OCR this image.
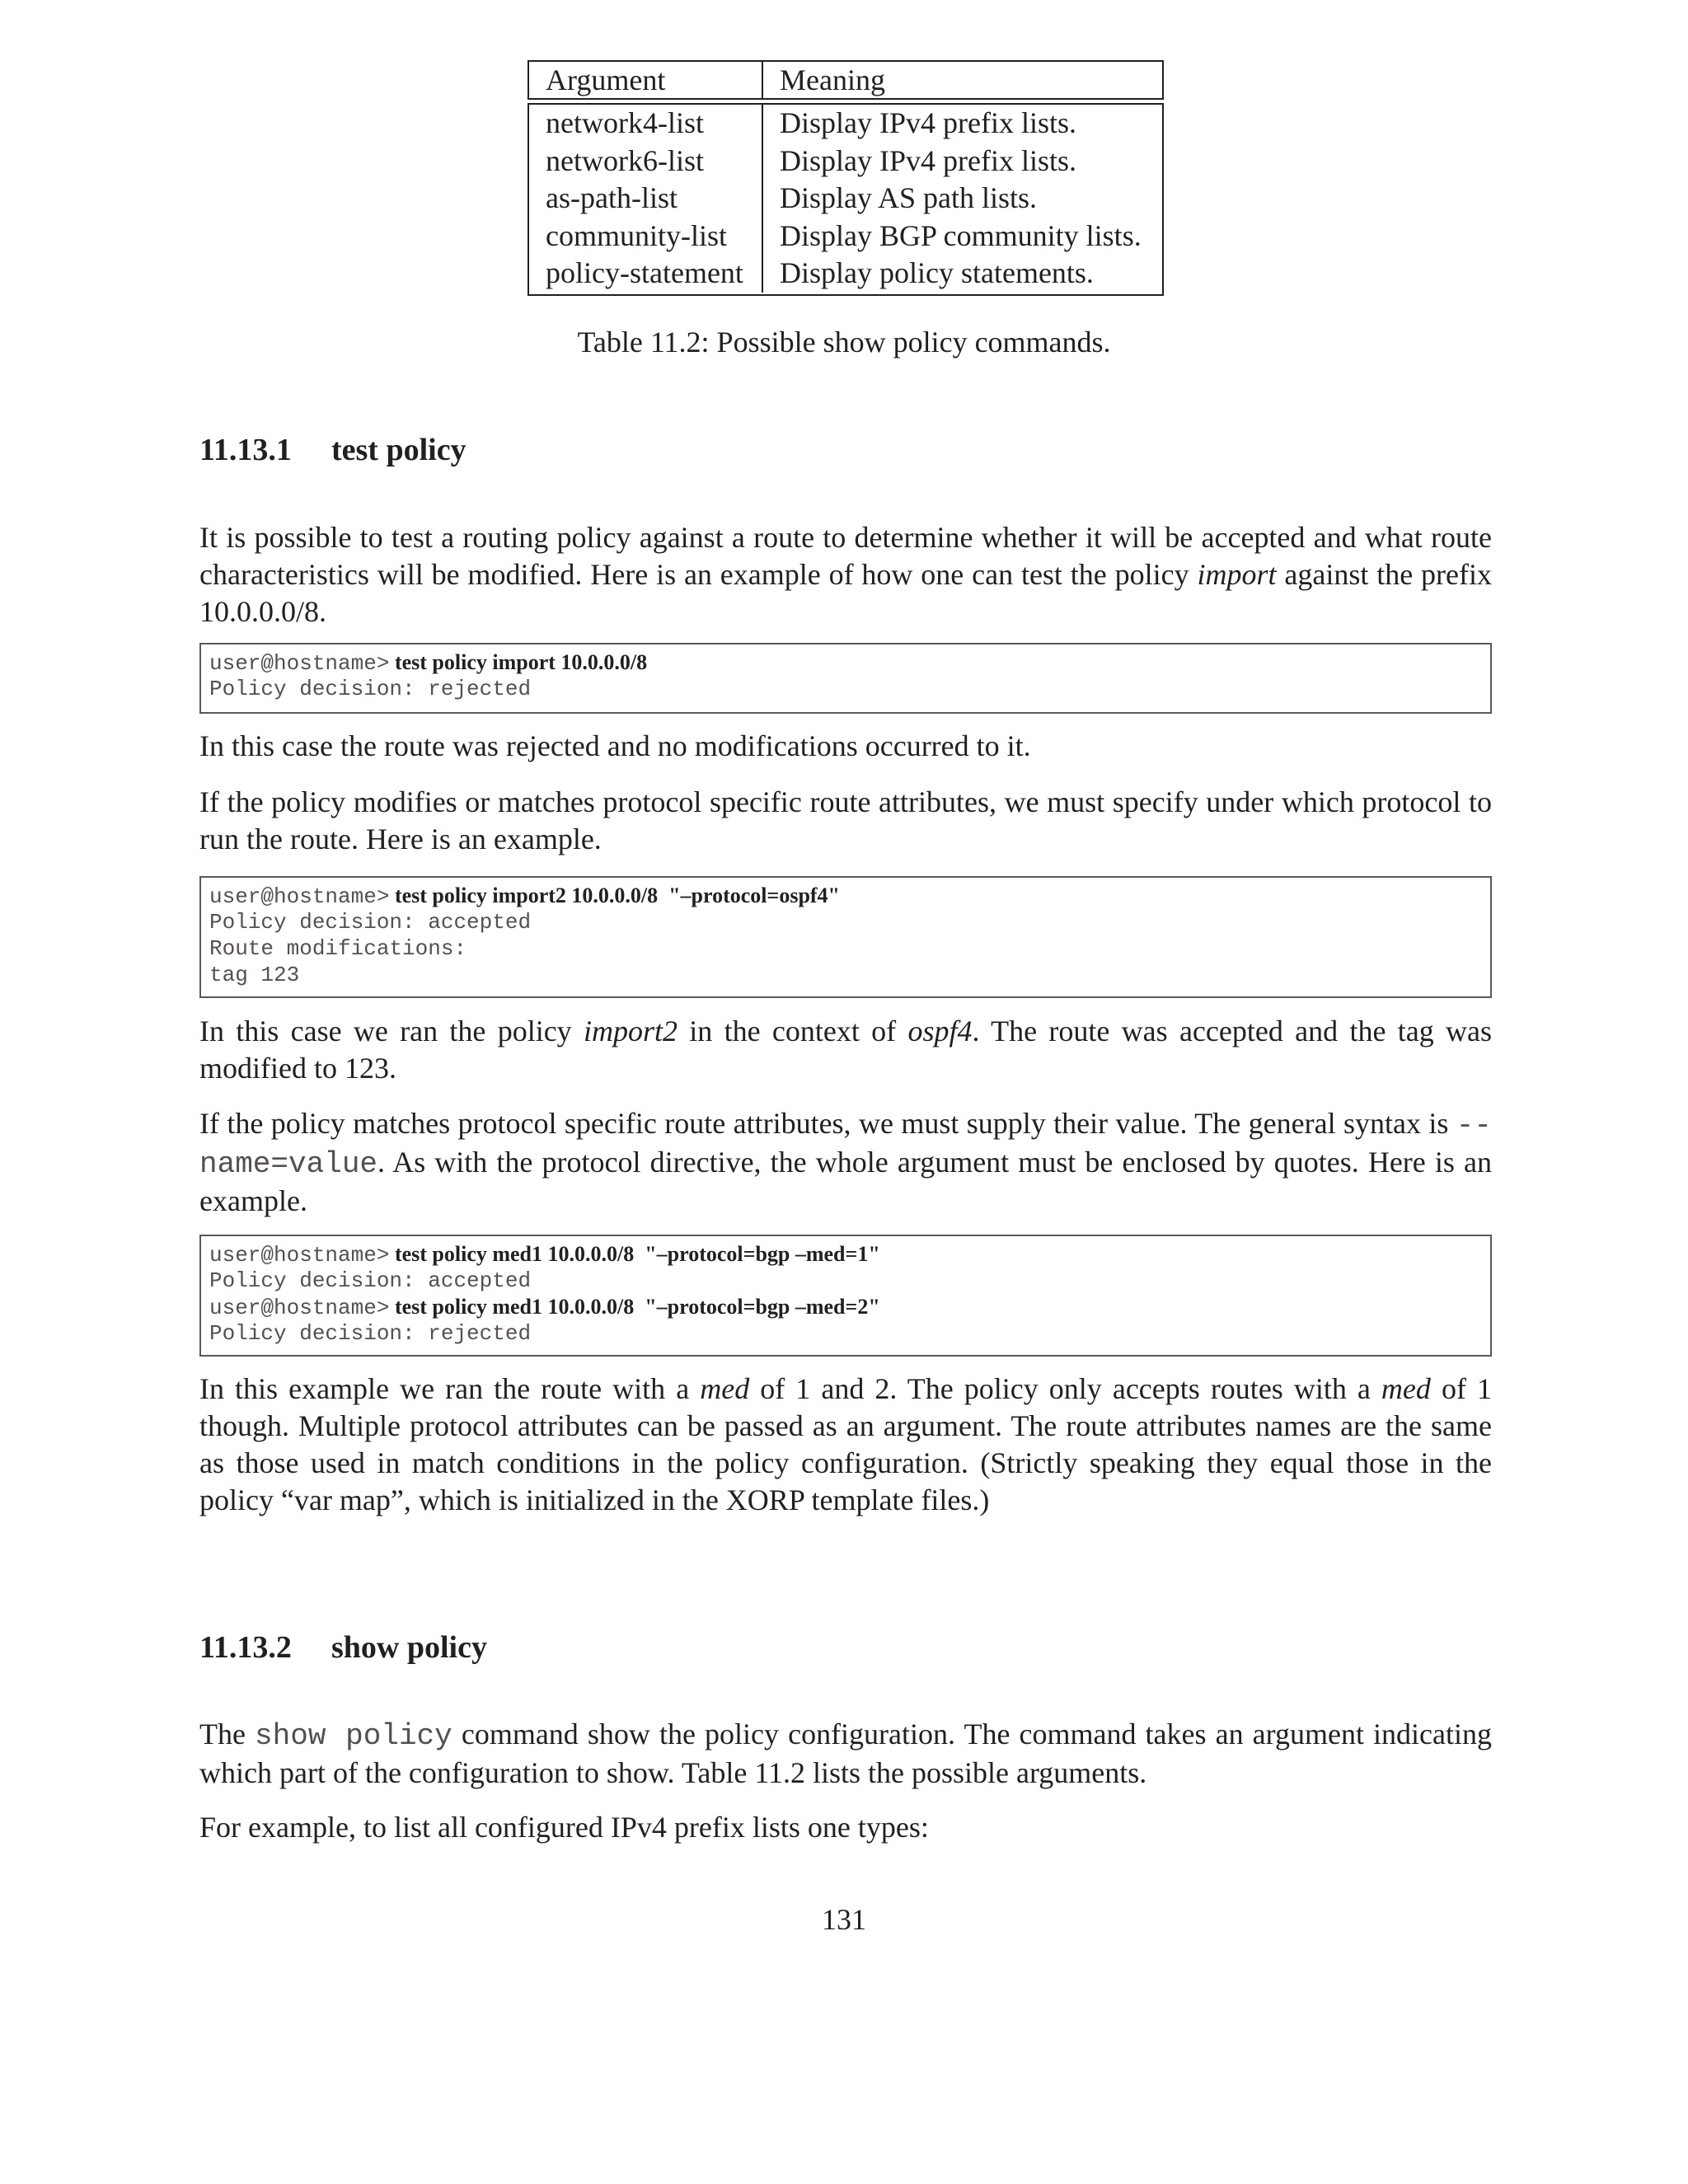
Argument	Meaning
network4-list
network6-list
as-path-list
community-list
policy-statement
Display IPv4 prefix lists.
Display IPv4 prefix lists.
Display AS path lists.
Display BGP community lists.
Display policy statements.
Table 11.2: Possible show policy commands.
11.13.1 test policy

It is possible to test a routing policy against a route to determine whether it will be accepted and what route characteristics will be modified. Here is an example of how one can test the policy import against the prefix 10.0.0.0/8.

user@hostname> test policy import 10.0.0.0/8
Policy decision: rejected

In this case the route was rejected and no modifications occurred to it.

If the policy modifies or matches protocol specific route attributes, we must specify under which protocol to run the route. Here is an example.

user@hostname> test policy import2 10.0.0.0/8  "–protocol=ospf4"
Policy decision: accepted
Route modifications:
tag 123

In this case we ran the policy import2 in the context of ospf4. The route was accepted and the tag was modified to 123.

If the policy matches protocol specific route attributes, we must supply their value. The general syntax is --name=value. As with the protocol directive, the whole argument must be enclosed by quotes. Here is an example.

user@hostname> test policy med1 10.0.0.0/8  "–protocol=bgp –med=1"
Policy decision: accepted
user@hostname> test policy med1 10.0.0.0/8  "–protocol=bgp –med=2"
Policy decision: rejected

In this example we ran the route with a med of 1 and 2. The policy only accepts routes with a med of 1 though. Multiple protocol attributes can be passed as an argument. The route attributes names are the same as those used in match conditions in the policy configuration. (Strictly speaking they equal those in the policy “var map”, which is initialized in the XORP template files.)

11.13.2 show policy

The show policy command show the policy configuration. The command takes an argument indicating which part of the configuration to show. Table 11.2 lists the possible arguments.

For example, to list all configured IPv4 prefix lists one types:

131
